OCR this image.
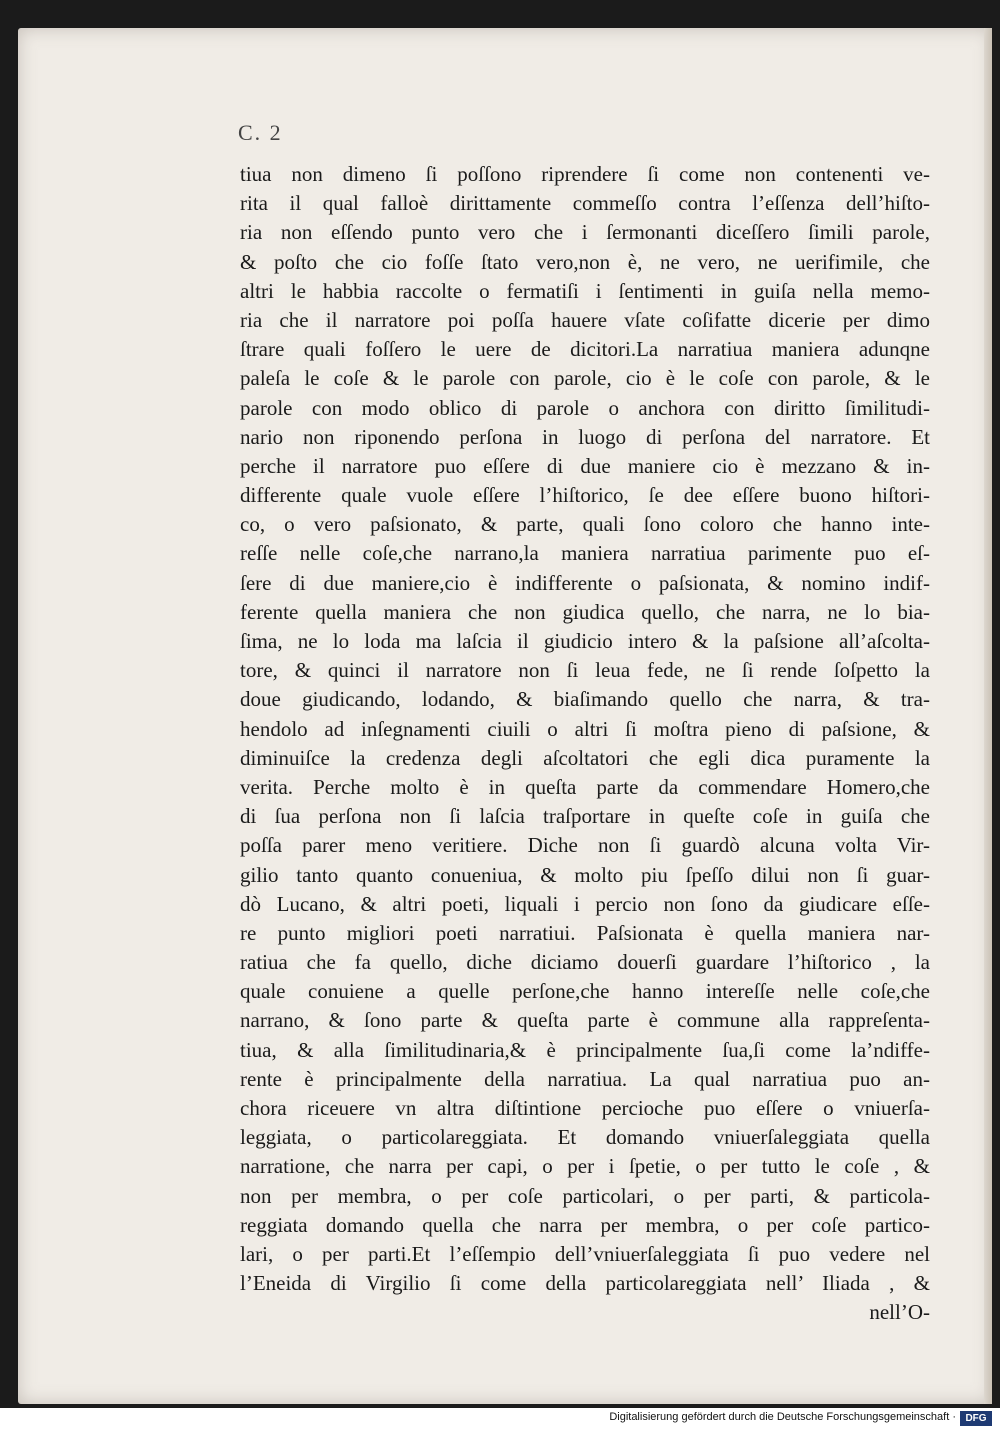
C. 2
tiua non dimeno ſi poſſono riprendere ſi come non contenenti ve-
rita il qual falloè dirittamente commeſſo contra l’eſſenza dell’hiſto-
ria non eſſendo punto vero che i ſermonanti diceſſero ſimili parole,
& poſto che cio foſſe ſtato vero,non è, ne vero, ne uerifimile, che
altri le habbia raccolte o fermatiſi i ſentimenti in guiſa nella memo-
ria che il narratore poi poſſa hauere vſate coſifatte dicerie per dimo
ſtrare quali foſſero le uere de dicitori.La narratiua maniera adunqne
paleſa le coſe & le parole con parole, cio è le coſe con parole, & le
parole con modo oblico di parole o anchora con diritto ſimilitudi-
nario non riponendo perſona in luogo di perſona del narratore. Et
perche il narratore puo eſſere di due maniere cio è mezzano & in-
differente quale vuole eſſere l’hiſtorico, ſe dee eſſere buono hiſtori-
co, o vero paſsionato, & parte, quali ſono coloro che hanno inte-
reſſe nelle coſe,che narrano,la maniera narratiua parimente puo eſ-
ſere di due maniere,cio è indifferente o paſsionata, & nomino indif-
ferente quella maniera che non giudica quello, che narra, ne lo bia-
ſima, ne lo loda ma laſcia il giudicio intero & la paſsione all’aſcolta-
tore, & quinci il narratore non ſi leua fede, ne ſi rende ſoſpetto la
doue giudicando, lodando, & biaſimando quello che narra, & tra-
hendolo ad inſegnamenti ciuili o altri ſi moſtra pieno di paſsione, &
diminuiſce la credenza degli aſcoltatori che egli dica puramente la
verita. Perche molto è in queſta parte da commendare Homero,che
di ſua perſona non ſi laſcia traſportare in queſte coſe in guiſa che
poſſa parer meno veritiere. Diche non ſi guardò alcuna volta Vir-
gilio tanto quanto conueniua, & molto piu ſpeſſo dilui non ſi guar-
dò Lucano, & altri poeti, liquali i percio non ſono da giudicare eſſe-
re punto migliori poeti narratiui. Paſsionata è quella maniera nar-
ratiua che fa quello, diche diciamo douerſi guardare l’hiſtorico , la
quale conuiene a quelle perſone,che hanno intereſſe nelle coſe,che
narrano, & ſono parte & queſta parte è commune alla rappreſenta-
tiua, & alla ſimilitudinaria,& è principalmente ſua,ſi come la’ndiffe-
rente è principalmente della narratiua. La qual narratiua puo an-
chora riceuere vn altra diſtintione percioche puo eſſere o vniuerſa-
leggiata, o particolareggiata. Et domando vniuerſaleggiata quella
narratione, che narra per capi, o per i ſpetie, o per tutto le coſe , &
non per membra, o per coſe particolari, o per parti, & particola-
reggiata domando quella che narra per membra, o per coſe partico-
lari, o per parti.Et l’eſſempio dell’vniuerſaleggiata ſi puo vedere nel
l’Eneida di Virgilio ſi come della particolareggiata nell’ Iliada , &
nell’O-
Digitalisierung gefördert durch die Deutsche Forschungsgemeinschaft · DFG
